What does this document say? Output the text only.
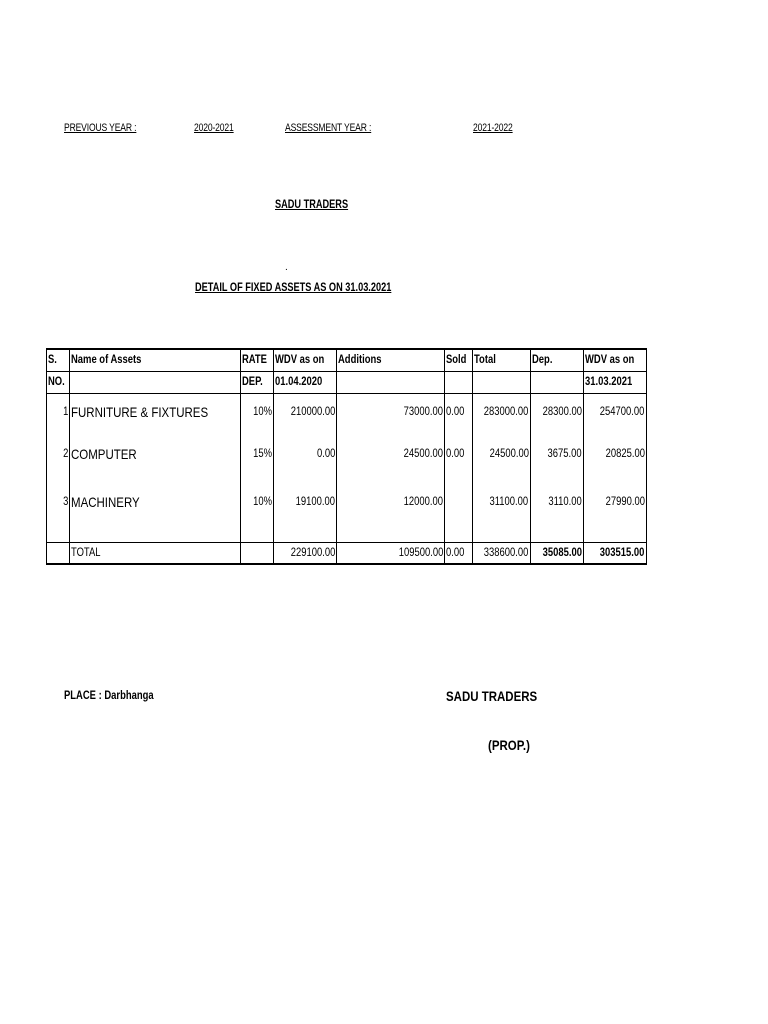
PREVIOUS YEAR :	2020-2021	ASSESSMENT YEAR :	2021-2022
SADU TRADERS
.
DETAIL OF FIXED ASSETS AS ON 31.03.2021
S.	Name of Assets	RATE	WDV as on	Additions	Sold	Total	Dep.	WDV as on
NO.		DEP.	01.04.2020					31.03.2021
1	FURNITURE & FIXTURES	10%	210000.00	73000.00	0.00	283000.00	28300.00	254700.00
2	COMPUTER	15%	0.00	24500.00	0.00	24500.00	3675.00	20825.00
3	MACHINERY	10%	19100.00	12000.00		31100.00	3110.00	27990.00

	TOTAL		229100.00	109500.00	0.00	338600.00	35085.00	303515.00
PLACE : Darbhanga	SADU TRADERS
(PROP.)
